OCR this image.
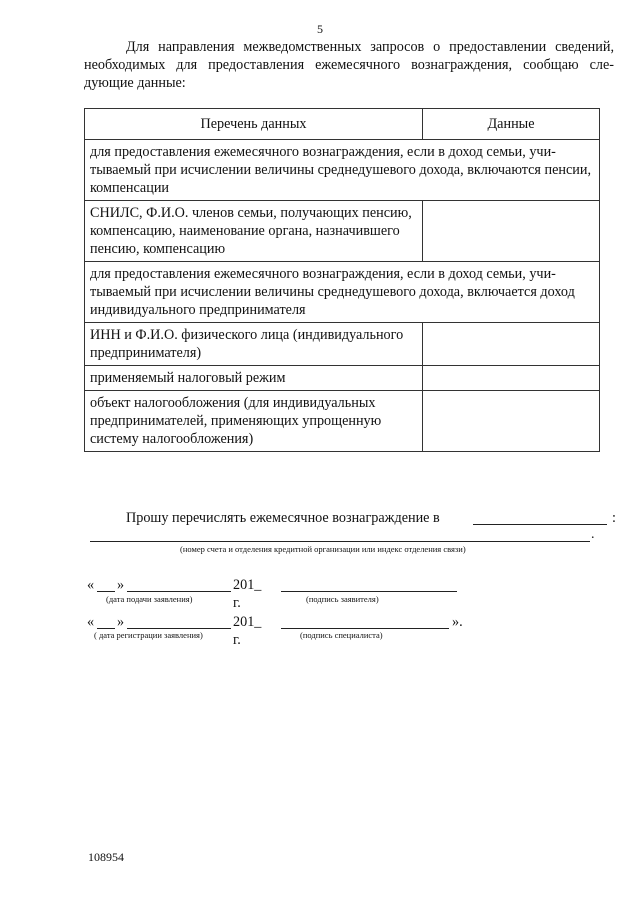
5
Для направления межведомственных запросов о предоставлении сведений, необходимых для предоставления ежемесячного вознаграждения, сообщаю следующие данные:
Перечень данных	Данные
для предоставления ежемесячного вознаграждения, если в доход семьи, учитываемый при исчислении величины среднедушевого дохода, включаются пенсии, компенсации	
СНИЛС, Ф.И.О. членов семьи, получающих пенсию, компенсацию, наименование органа, назначившего пенсию, компенсацию	
для предоставления ежемесячного вознаграждения, если в доход семьи, учитываемый при исчислении величины среднедушевого дохода, включается доход индивидуального предпринимателя	
ИНН и Ф.И.О. физического лица (индивидуального предпринимателя)	
применяемый налоговый режим	
объект налогообложения (для индивидуальных предпринимателей, применяющих упрощенную систему налогообложения)	
Прошу перечислять ежемесячное вознаграждение в	:
.
(номер счета и отделения кредитной организации или индекс отделения связи)
« »	201_ г.
(дата подачи заявления)	(подпись заявителя)
« »	201_ г.
».
( дата регистрации заявления)	(подпись специалиста)
108954
